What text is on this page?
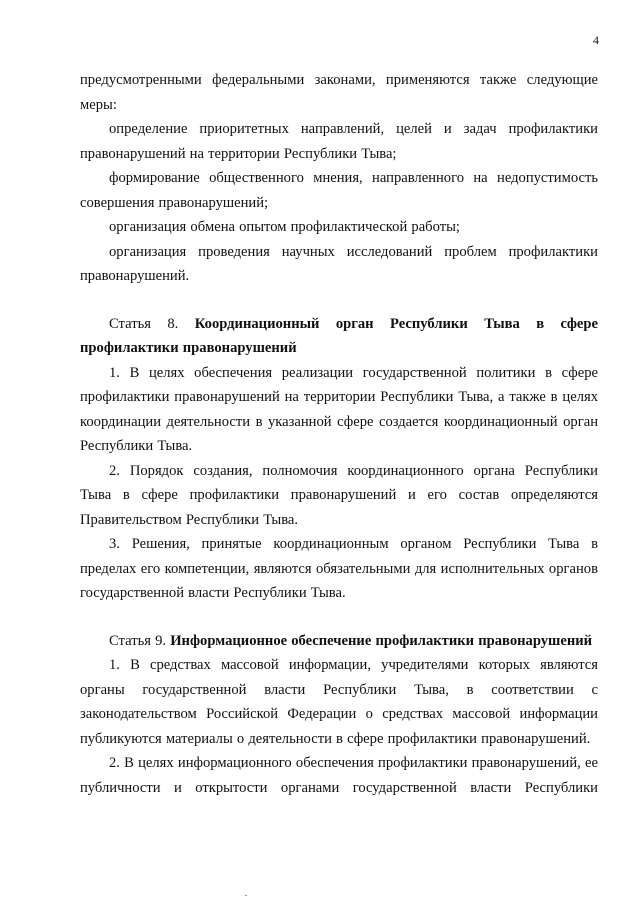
4

предусмотренными федеральными законами, применяются также следующие меры:

определение приоритетных направлений, целей и задач профилактики правонарушений на территории Республики Тыва;

формирование общественного мнения, направленного на недопустимость совершения правонарушений;

организация обмена опытом профилактической работы;

организация проведения научных исследований проблем профилактики правонарушений.

Статья 8. Координационный орган Республики Тыва в сфере профилактики правонарушений

1. В целях обеспечения реализации государственной политики в сфере профилактики правонарушений на территории Республики Тыва, а также в целях координации деятельности в указанной сфере создается координационный орган Республики Тыва.

2. Порядок создания, полномочия координационного органа Республики Тыва в сфере профилактики правонарушений и его состав определяются Правительством Республики Тыва.

3. Решения, принятые координационным органом Республики Тыва в пределах его компетенции, являются обязательными для исполнительных органов государственной власти Республики Тыва.

Статья 9. Информационное обеспечение профилактики правонарушений

1. В средствах массовой информации, учредителями которых являются органы государственной власти Республики Тыва, в соответствии с законодательством Российской Федерации о средствах массовой информации публикуются материалы о деятельности в сфере профилактики правонарушений.

2. В целях информационного обеспечения профилактики правонарушений, ее публичности и открытости органами государственной власти Республики
